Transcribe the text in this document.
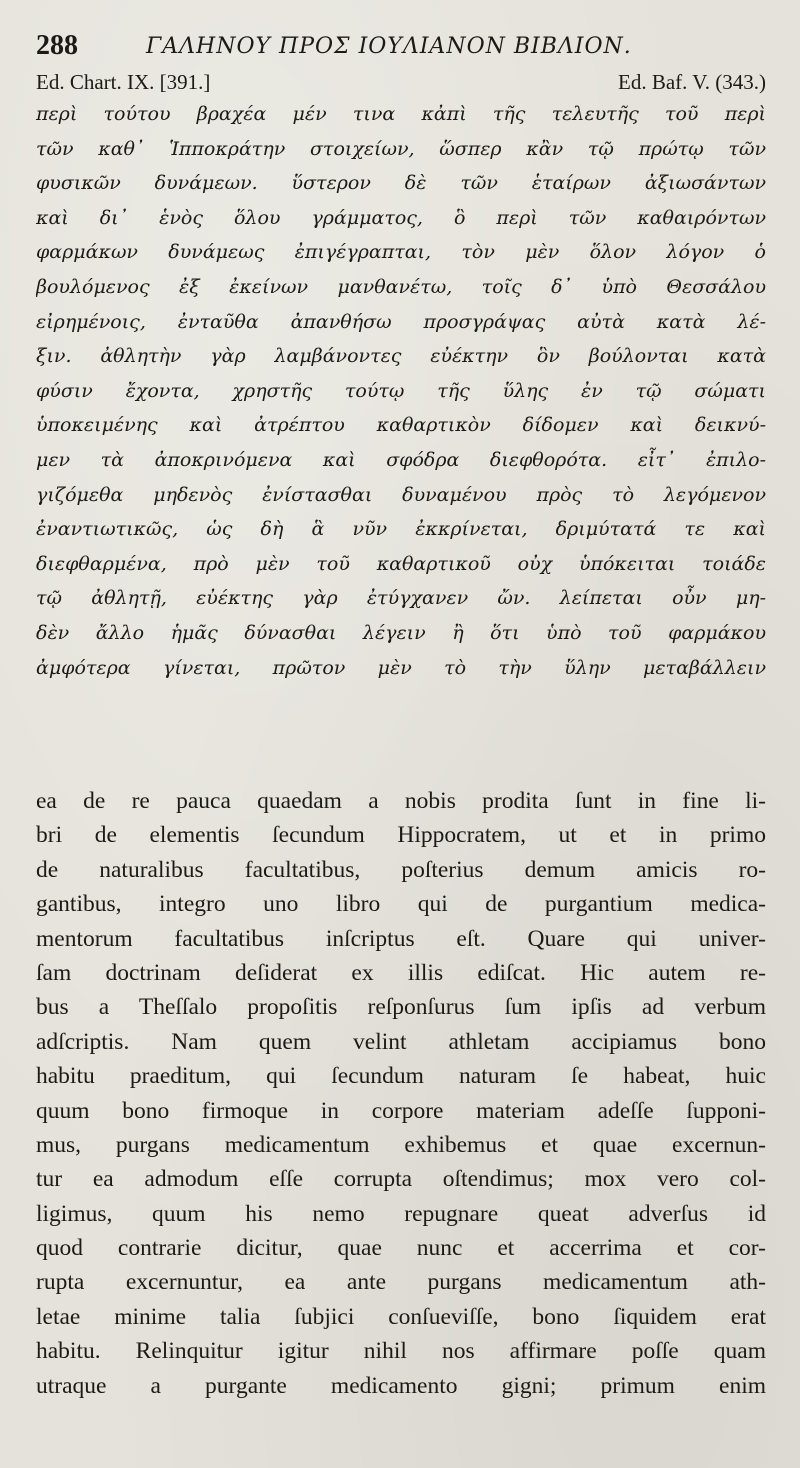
288	ΓΑΛΗΝΟΥ ΠΡΟΣ ΙΟΥΛΙΑΝΟΝ ΒΙΒΛΙΟΝ.
Ed. Chart. IX. [391.]	Ed. Baf. V. (343.)
περὶ τούτου βραχέα μέν τινα κἀπὶ τῆς τελευτῆς τοῦ περὶ
τῶν καθ᾽ Ἱπποκράτην στοιχείων, ὥσπερ κἂν τῷ πρώτῳ τῶν
φυσικῶν δυνάμεων. ὕστερον δὲ τῶν ἑταίρων ἀξιωσάντων
καὶ δι᾽ ἑνὸς ὅλου γράμματος, ὃ περὶ τῶν καθαιρόντων
φαρμάκων δυνάμεως ἐπιγέγραπται, τὸν μὲν ὅλον λόγον ὁ
βουλόμενος ἐξ ἐκείνων μανθανέτω, τοῖς δ᾽ ὑπὸ Θεσσάλου
εἰρημένοις, ἐνταῦθα ἀπανθήσω προσγράψας αὐτὰ κατὰ λέ-
ξιν. ἀθλητὴν γὰρ λαμβάνοντες εὐέκτην ὃν βούλονται κατὰ
φύσιν ἔχοντα, χρηστῆς τούτῳ τῆς ὕλης ἐν τῷ σώματι
ὑποκειμένης καὶ ἀτρέπτου καθαρτικὸν δίδομεν καὶ δεικνύ-
μεν τὰ ἀποκρινόμενα καὶ σφόδρα διεφθορότα. εἶτ᾽ ἐπιλο-
γιζόμεθα μηδενὸς ἐνίστασθαι δυναμένου πρὸς τὸ λεγόμενον
ἐναντιωτικῶς, ὡς δὴ ἃ νῦν ἐκκρίνεται, δριμύτατά τε καὶ
διεφθαρμένα, πρὸ μὲν τοῦ καθαρτικοῦ οὐχ ὑπόκειται τοιάδε
τῷ ἀθλητῇ, εὐέκτης γὰρ ἐτύγχανεν ὤν. λείπεται οὖν μη-
δὲν ἄλλο ἡμᾶς δύνασθαι λέγειν ἢ ὅτι ὑπὸ τοῦ φαρμάκου
ἀμφότερα γίνεται, πρῶτον μὲν τὸ τὴν ὕλην μεταβάλλειν
ea de re pauca quaedam a nobis prodita ſunt in fine li-
bri de elementis ſecundum Hippocratem, ut et in primo
de naturalibus facultatibus, poſterius demum amicis ro-
gantibus, integro uno libro qui de purgantium medica-
mentorum facultatibus inſcriptus eſt. Quare qui univer-
ſam doctrinam deſiderat ex illis ediſcat. Hic autem re-
bus a Theſſalo propoſitis reſponſurus ſum ipſis ad verbum
adſcriptis. Nam quem velint athletam accipiamus bono
habitu praeditum, qui ſecundum naturam ſe habeat, huic
quum bono firmoque in corpore materiam adeſſe ſupponi-
mus, purgans medicamentum exhibemus et quae excernun-
tur ea admodum eſſe corrupta oſtendimus; mox vero col-
ligimus, quum his nemo repugnare queat adverſus id
quod contrarie dicitur, quae nunc et accerrima et cor-
rupta excernuntur, ea ante purgans medicamentum ath-
letae minime talia ſubjici conſueviſſe, bono ſiquidem erat
habitu. Relinquitur igitur nihil nos affirmare poſſe quam
utraque a purgante medicamento gigni; primum enim
